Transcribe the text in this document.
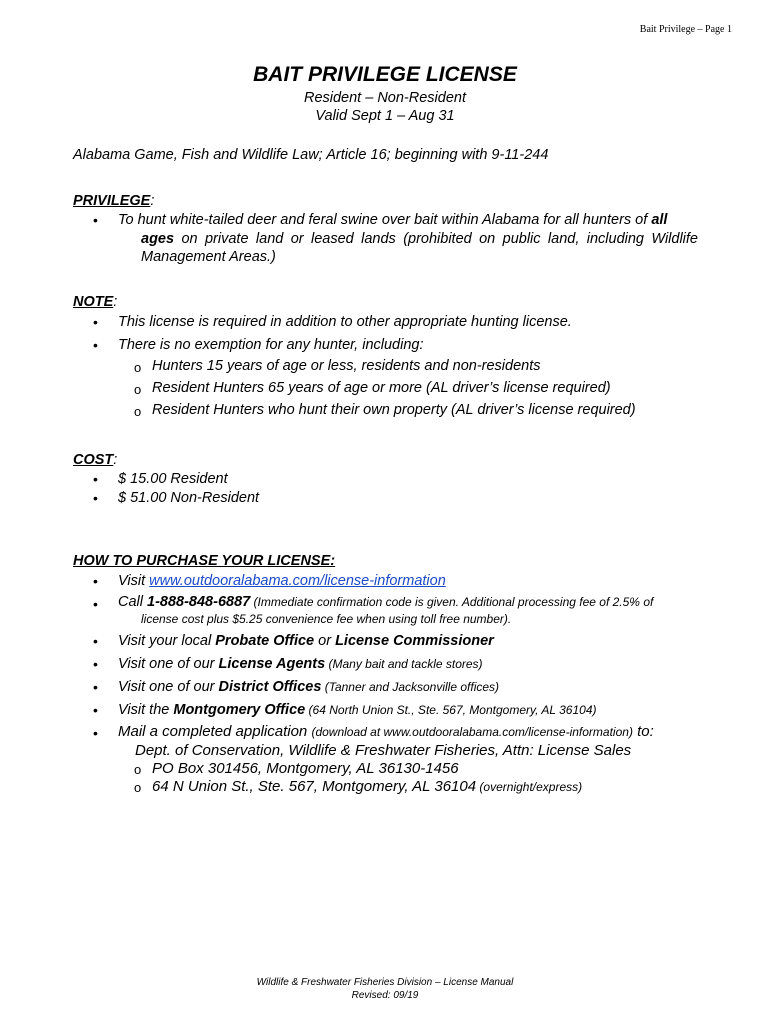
Bait Privilege – Page 1
BAIT PRIVILEGE LICENSE
Resident – Non-Resident
Valid Sept 1 – Aug 31
Alabama Game, Fish and Wildlife Law; Article 16; beginning with 9-11-244
PRIVILEGE:
• To hunt white-tailed deer and feral swine over bait within Alabama for all hunters of all
ages on private land or leased lands (prohibited on public land, including Wildlife
Management Areas.)
NOTE:
• This license is required in addition to other appropriate hunting license.
• There is no exemption for any hunter, including:
o Hunters 15 years of age or less, residents and non-residents
o Resident Hunters 65 years of age or more (AL driver’s license required)
o Resident Hunters who hunt their own property (AL driver’s license required)
COST:
• $ 15.00 Resident
• $ 51.00 Non-Resident
HOW TO PURCHASE YOUR LICENSE:
• Visit www.outdooralabama.com/license-information
• Call 1-888-848-6887 (Immediate confirmation code is given. Additional processing fee of 2.5% of
license cost plus $5.25 convenience fee when using toll free number).
• Visit your local Probate Office or License Commissioner
• Visit one of our License Agents (Many bait and tackle stores)
• Visit one of our District Offices (Tanner and Jacksonville offices)
• Visit the Montgomery Office (64 North Union St., Ste. 567, Montgomery, AL 36104)
• Mail a completed application (download at www.outdooralabama.com/license-information) to:
Dept. of Conservation, Wildlife & Freshwater Fisheries, Attn: License Sales
o PO Box 301456, Montgomery, AL 36130-1456
o 64 N Union St., Ste. 567, Montgomery, AL 36104 (overnight/express)
Wildlife & Freshwater Fisheries Division – License Manual
Revised: 09/19
